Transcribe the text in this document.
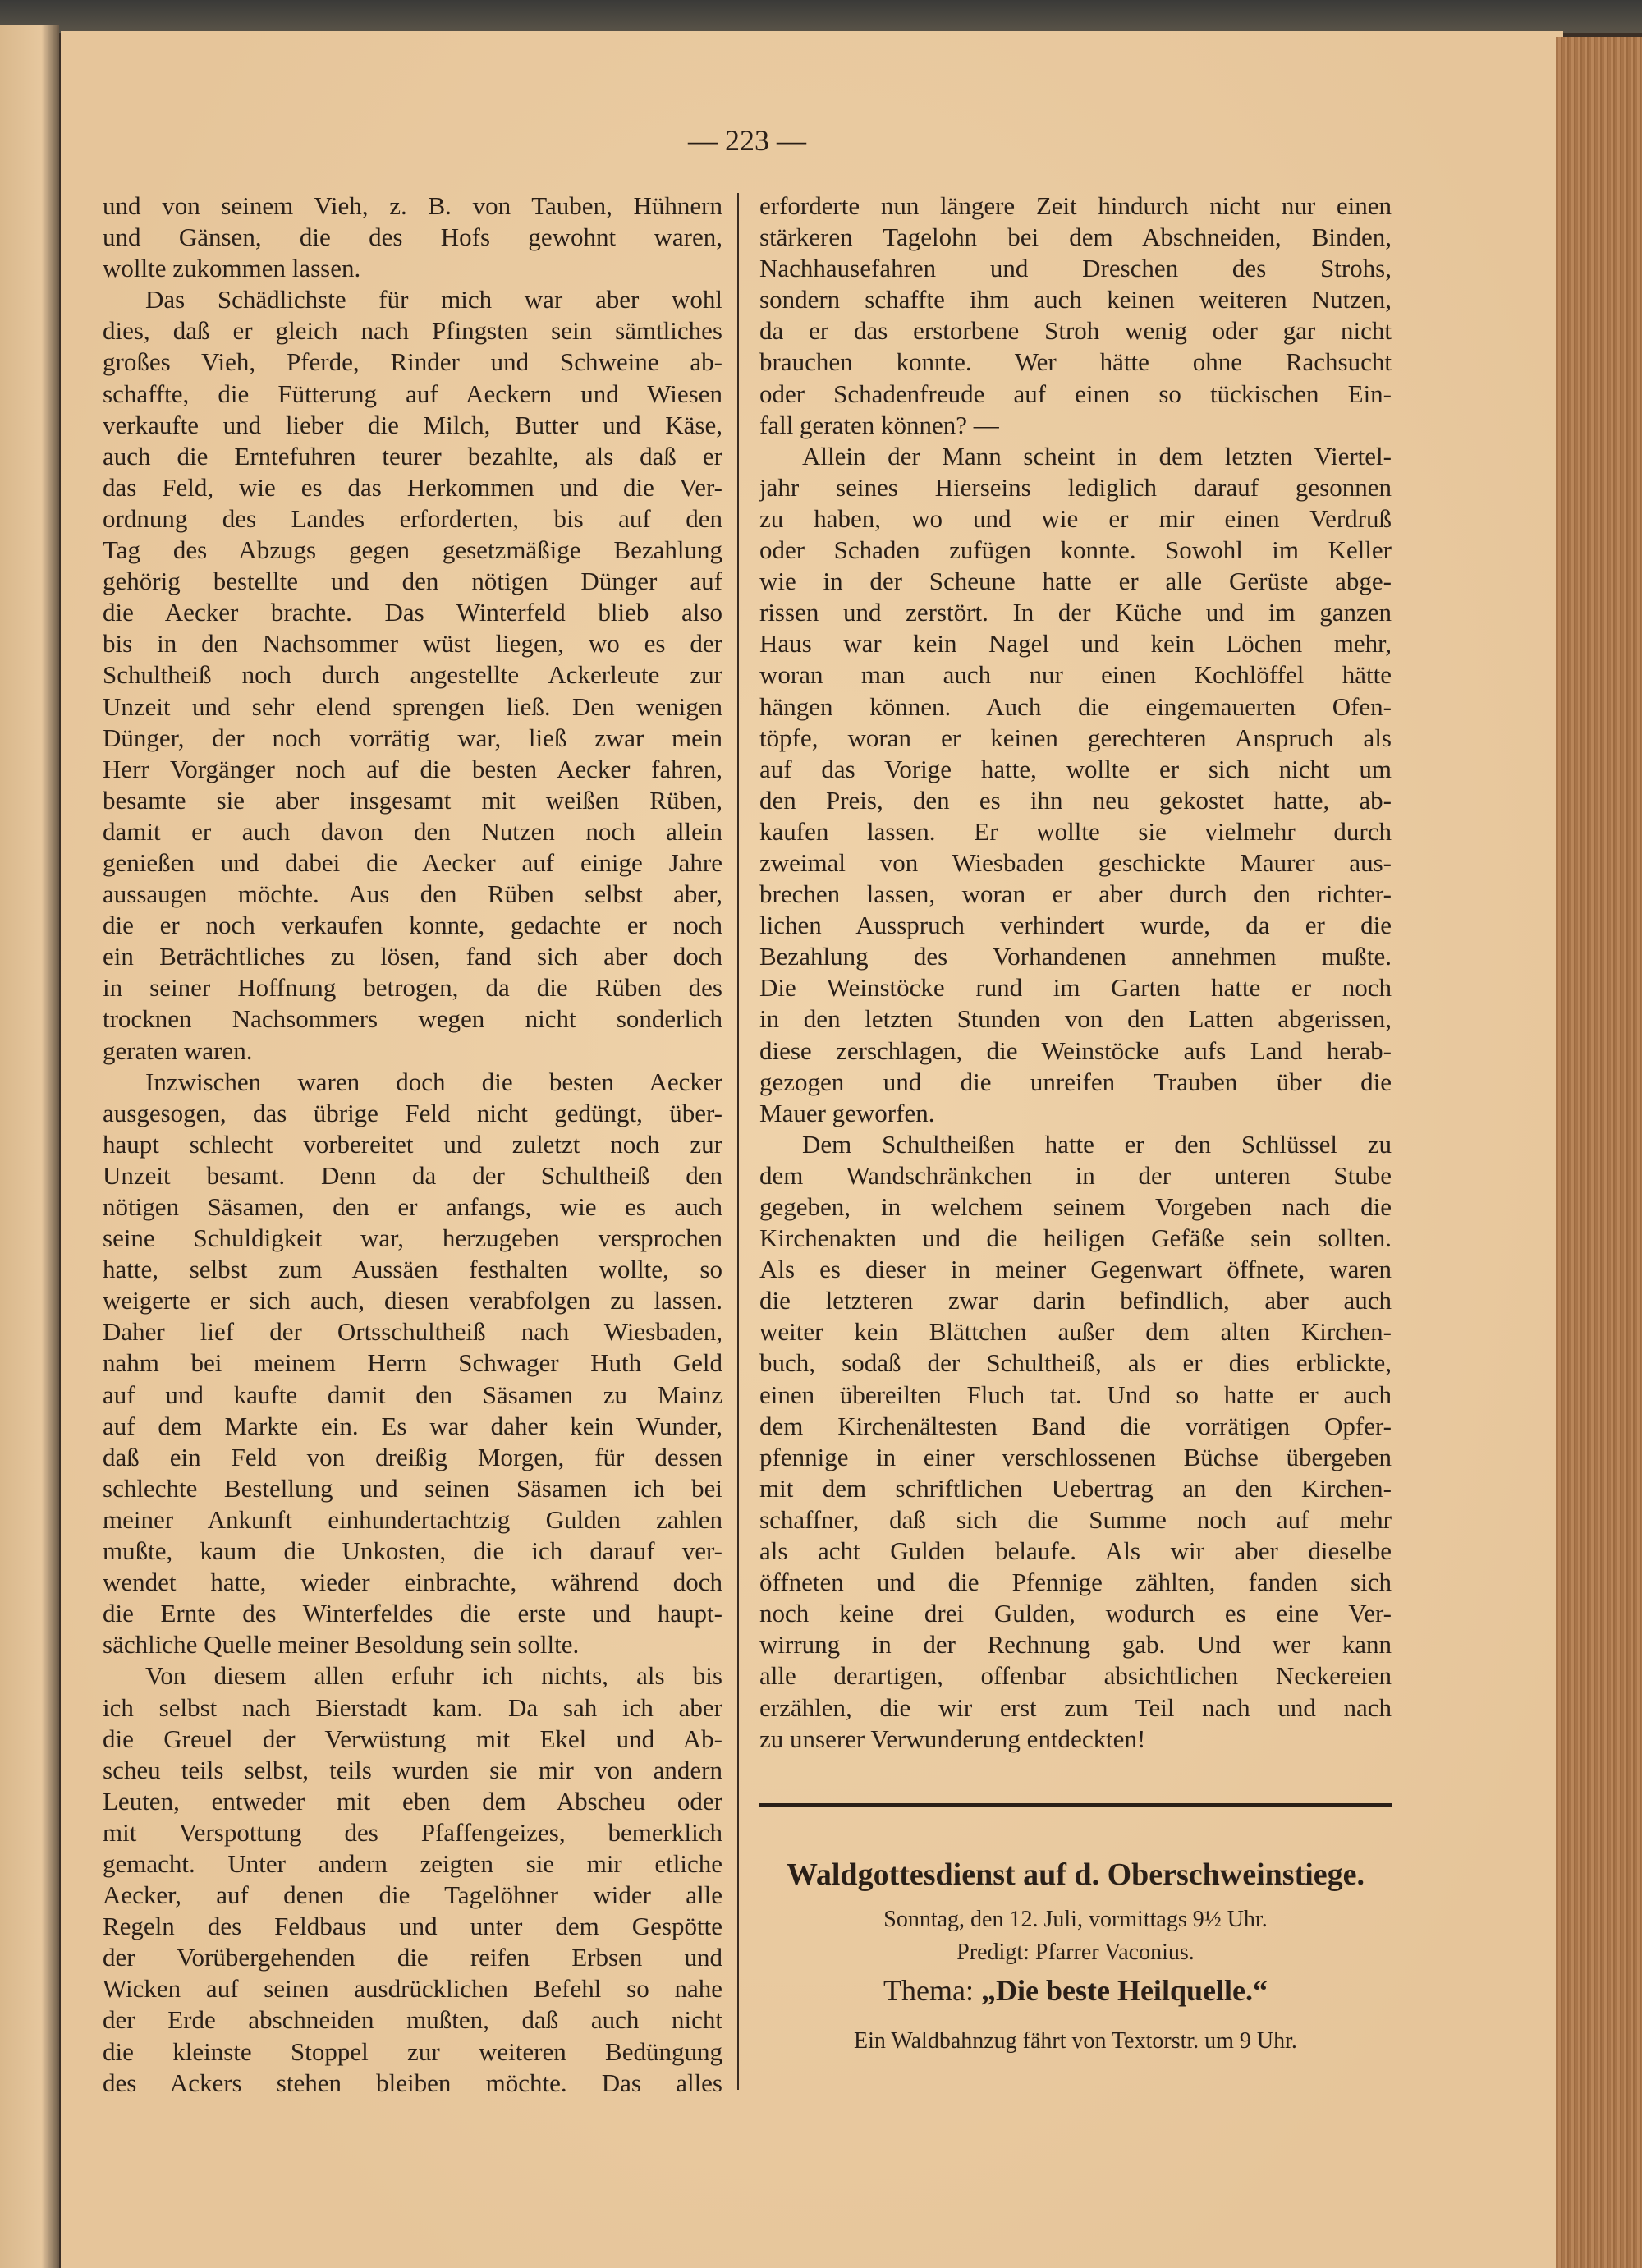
— 223 —
und von seinem Vieh, z. B. von Tauben, Hühnern
und Gänsen, die des Hofs gewohnt waren,
wollte zukommen lassen.
Das Schädlichste für mich war aber wohl
dies, daß er gleich nach Pfingsten sein sämtliches
großes Vieh, Pferde, Rinder und Schweine ab-
schaffte, die Fütterung auf Aeckern und Wiesen
verkaufte und lieber die Milch, Butter und Käse,
auch die Erntefuhren teurer bezahlte, als daß er
das Feld, wie es das Herkommen und die Ver-
ordnung des Landes erforderten, bis auf den
Tag des Abzugs gegen gesetzmäßige Bezahlung
gehörig bestellte und den nötigen Dünger auf
die Aecker brachte. Das Winterfeld blieb also
bis in den Nachsommer wüst liegen, wo es der
Schultheiß noch durch angestellte Ackerleute zur
Unzeit und sehr elend sprengen ließ. Den wenigen
Dünger, der noch vorrätig war, ließ zwar mein
Herr Vorgänger noch auf die besten Aecker fahren,
besamte sie aber insgesamt mit weißen Rüben,
damit er auch davon den Nutzen noch allein
genießen und dabei die Aecker auf einige Jahre
aussaugen möchte. Aus den Rüben selbst aber,
die er noch verkaufen konnte, gedachte er noch
ein Beträchtliches zu lösen, fand sich aber doch
in seiner Hoffnung betrogen, da die Rüben des
trocknen Nachsommers wegen nicht sonderlich
geraten waren.
Inzwischen waren doch die besten Aecker
ausgesogen, das übrige Feld nicht gedüngt, über-
haupt schlecht vorbereitet und zuletzt noch zur
Unzeit besamt. Denn da der Schultheiß den
nötigen Säsamen, den er anfangs, wie es auch
seine Schuldigkeit war, herzugeben versprochen
hatte, selbst zum Aussäen festhalten wollte, so
weigerte er sich auch, diesen verabfolgen zu lassen.
Daher lief der Ortsschultheiß nach Wiesbaden,
nahm bei meinem Herrn Schwager Huth Geld
auf und kaufte damit den Säsamen zu Mainz
auf dem Markte ein. Es war daher kein Wunder,
daß ein Feld von dreißig Morgen, für dessen
schlechte Bestellung und seinen Säsamen ich bei
meiner Ankunft einhundertachtzig Gulden zahlen
mußte, kaum die Unkosten, die ich darauf ver-
wendet hatte, wieder einbrachte, während doch
die Ernte des Winterfeldes die erste und haupt-
sächliche Quelle meiner Besoldung sein sollte.
Von diesem allen erfuhr ich nichts, als bis
ich selbst nach Bierstadt kam. Da sah ich aber
die Greuel der Verwüstung mit Ekel und Ab-
scheu teils selbst, teils wurden sie mir von andern
Leuten, entweder mit eben dem Abscheu oder
mit Verspottung des Pfaffengeizes, bemerklich
gemacht. Unter andern zeigten sie mir etliche
Aecker, auf denen die Tagelöhner wider alle
Regeln des Feldbaus und unter dem Gespötte
der Vorübergehenden die reifen Erbsen und
Wicken auf seinen ausdrücklichen Befehl so nahe
der Erde abschneiden mußten, daß auch nicht
die kleinste Stoppel zur weiteren Bedüngung
des Ackers stehen bleiben möchte. Das alles
erforderte nun längere Zeit hindurch nicht nur einen
stärkeren Tagelohn bei dem Abschneiden, Binden,
Nachhausefahren und Dreschen des Strohs,
sondern schaffte ihm auch keinen weiteren Nutzen,
da er das erstorbene Stroh wenig oder gar nicht
brauchen konnte. Wer hätte ohne Rachsucht
oder Schadenfreude auf einen so tückischen Ein-
fall geraten können? —
Allein der Mann scheint in dem letzten Viertel-
jahr seines Hierseins lediglich darauf gesonnen
zu haben, wo und wie er mir einen Verdruß
oder Schaden zufügen konnte. Sowohl im Keller
wie in der Scheune hatte er alle Gerüste abge-
rissen und zerstört. In der Küche und im ganzen
Haus war kein Nagel und kein Löchen mehr,
woran man auch nur einen Kochlöffel hätte
hängen können. Auch die eingemauerten Ofen-
töpfe, woran er keinen gerechteren Anspruch als
auf das Vorige hatte, wollte er sich nicht um
den Preis, den es ihn neu gekostet hatte, ab-
kaufen lassen. Er wollte sie vielmehr durch
zweimal von Wiesbaden geschickte Maurer aus-
brechen lassen, woran er aber durch den richter-
lichen Ausspruch verhindert wurde, da er die
Bezahlung des Vorhandenen annehmen mußte.
Die Weinstöcke rund im Garten hatte er noch
in den letzten Stunden von den Latten abgerissen,
diese zerschlagen, die Weinstöcke aufs Land herab-
gezogen und die unreifen Trauben über die
Mauer geworfen.
Dem Schultheißen hatte er den Schlüssel zu
dem Wandschränkchen in der unteren Stube
gegeben, in welchem seinem Vorgeben nach die
Kirchenakten und die heiligen Gefäße sein sollten.
Als es dieser in meiner Gegenwart öffnete, waren
die letzteren zwar darin befindlich, aber auch
weiter kein Blättchen außer dem alten Kirchen-
buch, sodaß der Schultheiß, als er dies erblickte,
einen übereilten Fluch tat. Und so hatte er auch
dem Kirchenältesten Band die vorrätigen Opfer-
pfennige in einer verschlossenen Büchse übergeben
mit dem schriftlichen Uebertrag an den Kirchen-
schaffner, daß sich die Summe noch auf mehr
als acht Gulden belaufe. Als wir aber dieselbe
öffneten und die Pfennige zählten, fanden sich
noch keine drei Gulden, wodurch es eine Ver-
wirrung in der Rechnung gab. Und wer kann
alle derartigen, offenbar absichtlichen Neckereien
erzählen, die wir erst zum Teil nach und nach
zu unserer Verwunderung entdeckten!
Waldgottesdienst auf d. Oberschweinstiege.
Sonntag, den 12. Juli, vormittags 9½ Uhr.
Predigt: Pfarrer Vaconius.
Thema: „Die beste Heilquelle.“
Ein Waldbahnzug fährt von Textorstr. um 9 Uhr.
